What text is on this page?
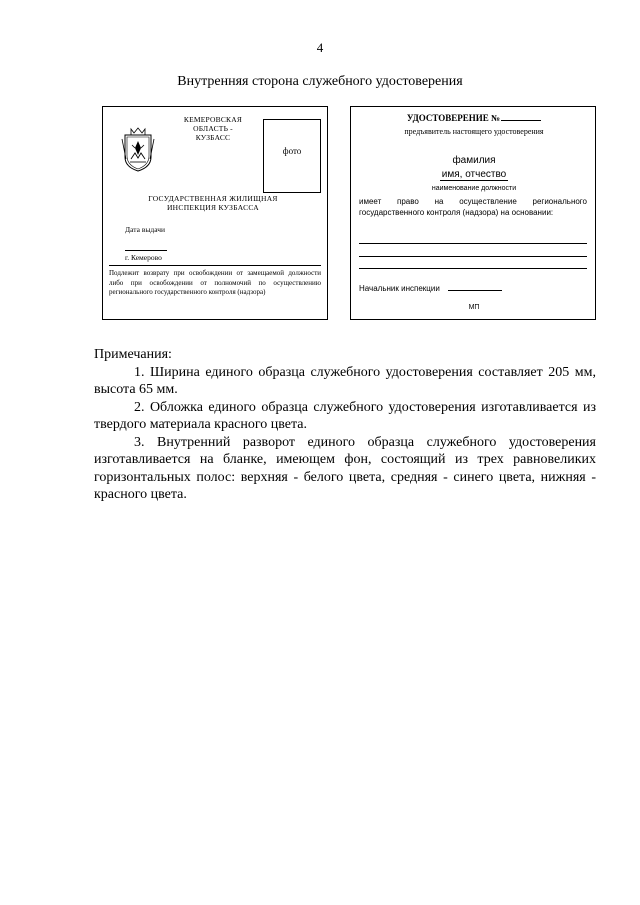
4
Внутренняя сторона служебного удостоверения
КЕМЕРОВСКАЯ
ОБЛАСТЬ -
КУЗБАСС
фото
ГОСУДАРСТВЕННАЯ ЖИЛИЩНАЯ
ИНСПЕКЦИЯ КУЗБАССА
Дата выдачи
г. Кемерово
Подлежит возврату при освобождении от замещаемой должности либо при освобождении от полномочий по осуществлению регионального государственного контроля (надзора)
УДОСТОВЕРЕНИЕ №
предъявитель настоящего удостоверения
фамилия
имя, отчество
наименование должности
имеет право на осуществление регионального государственного контроля (надзора) на основании:
Начальник инспекции
МП

Примечания:

1. Ширина единого образца служебного удостоверения составляет 205 мм, высота 65 мм.

2. Обложка единого образца служебного удостоверения изготавливается из твердого материала красного цвета.

3. Внутренний разворот единого образца служебного удостоверения изготавливается на бланке, имеющем фон, состоящий из трех равновеликих горизонтальных полос: верхняя - белого цвета, средняя - синего цвета, нижняя - красного цвета.
